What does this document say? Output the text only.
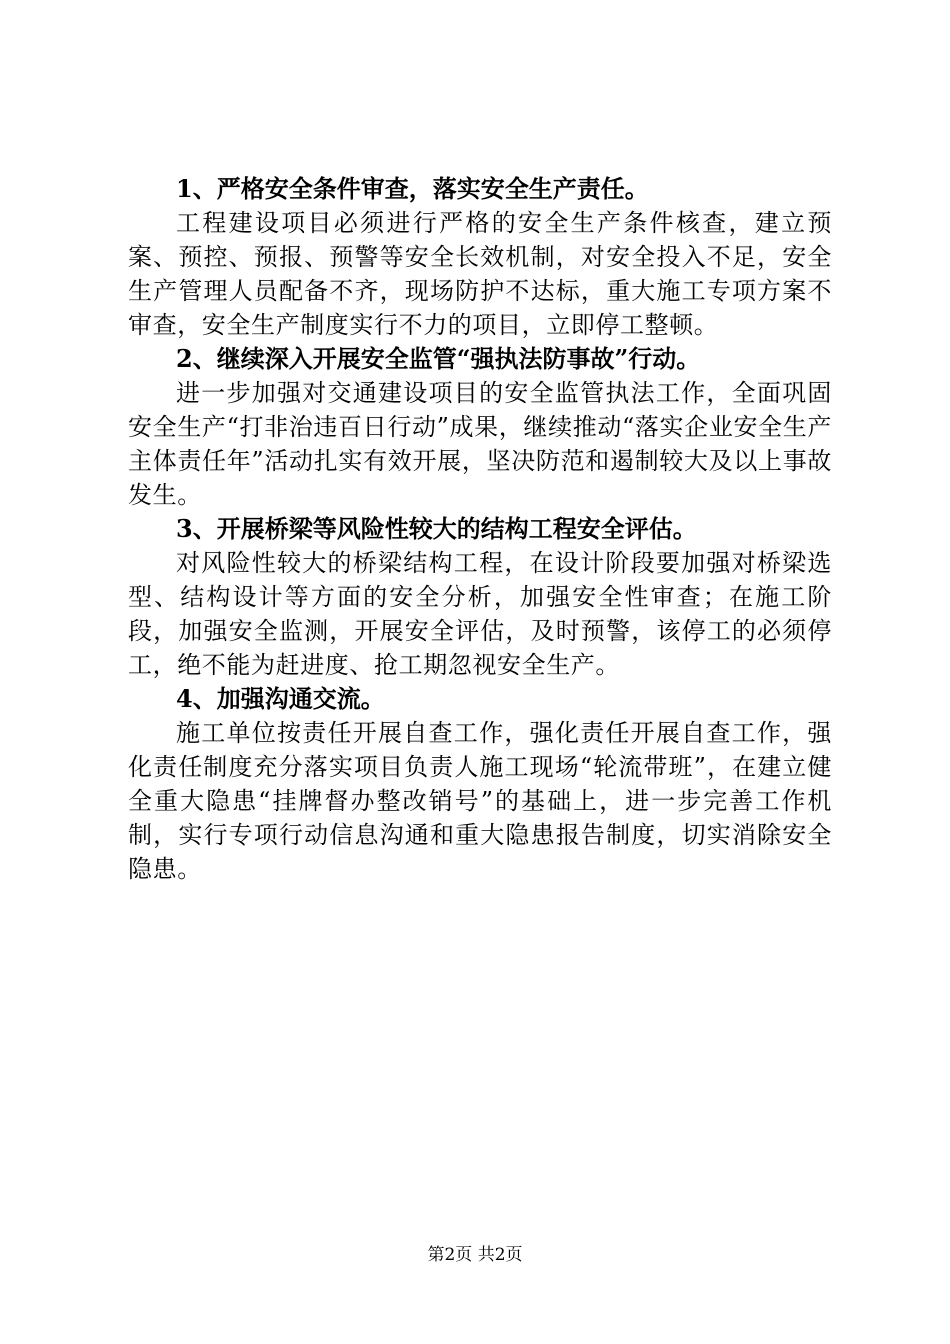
1、严格安全条件审查，落实安全生产责任。

工程建设项目必须进行严格的安全生产条件核查，建立预案、预控、预报、预警等安全长效机制，对安全投入不足，安全生产管理人员配备不齐，现场防护不达标，重大施工专项方案不审查，安全生产制度实行不力的项目，立即停工整顿。

2、继续深入开展安全监管“强执法防事故”行动。

进一步加强对交通建设项目的安全监管执法工作，全面巩固安全生产“打非治违百日行动”成果，继续推动“落实企业安全生产主体责任年”活动扎实有效开展，坚决防范和遏制较大及以上事故发生。

3、开展桥梁等风险性较大的结构工程安全评估。

对风险性较大的桥梁结构工程，在设计阶段要加强对桥梁选型、结构设计等方面的安全分析，加强安全性审查；在施工阶段，加强安全监测，开展安全评估，及时预警，该停工的必须停工，绝不能为赶进度、抢工期忽视安全生产。

4、加强沟通交流。

施工单位按责任开展自查工作，强化责任开展自查工作，强化责任制度充分落实项目负责人施工现场“轮流带班”，在建立健全重大隐患“挂牌督办整改销号”的基础上，进一步完善工作机制，实行专项行动信息沟通和重大隐患报告制度，切实消除安全隐患。

第2页 共2页
